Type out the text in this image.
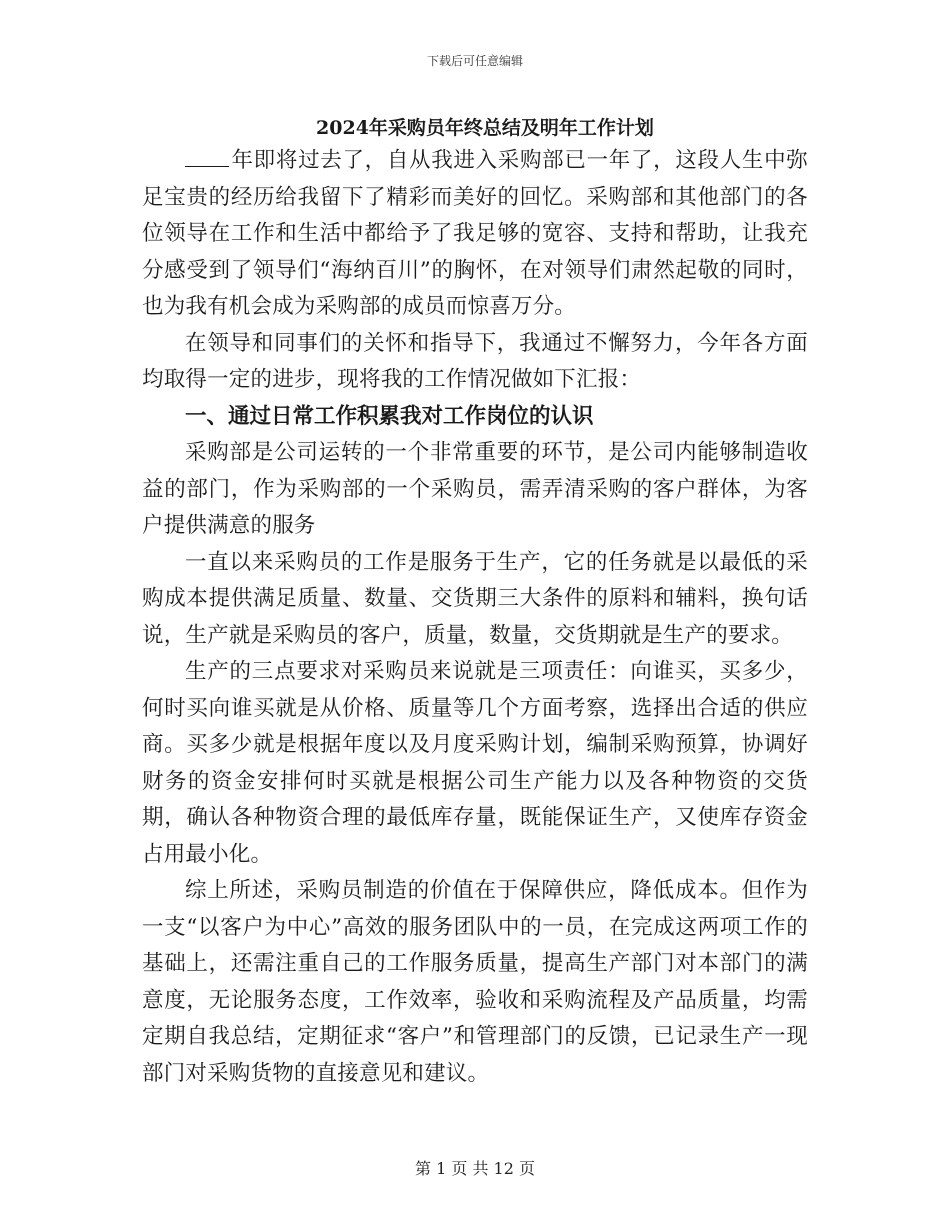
下载后可任意编辑
2024年采购员年终总结及明年工作计划

年即将过去了，自从我进入采购部已一年了，这段人生中弥足宝贵的经历给我留下了精彩而美好的回忆。采购部和其他部门的各位领导在工作和生活中都给予了我足够的宽容、支持和帮助，让我充分感受到了领导们“海纳百川”的胸怀，在对领导们肃然起敬的同时，也为我有机会成为采购部的成员而惊喜万分。

在领导和同事们的关怀和指导下，我通过不懈努力，今年各方面均取得一定的进步，现将我的工作情况做如下汇报：

一、通过日常工作积累我对工作岗位的认识

采购部是公司运转的一个非常重要的环节，是公司内能够制造收益的部门，作为采购部的一个采购员，需弄清采购的客户群体，为客户提供满意的服务

一直以来采购员的工作是服务于生产，它的任务就是以最低的采购成本提供满足质量、数量、交货期三大条件的原料和辅料，换句话说，生产就是采购员的客户，质量，数量，交货期就是生产的要求。

生产的三点要求对采购员来说就是三项责任：向谁买，买多少，何时买向谁买就是从价格、质量等几个方面考察，选择出合适的供应商。买多少就是根据年度以及月度采购计划，编制采购预算，协调好财务的资金安排何时买就是根据公司生产能力以及各种物资的交货期，确认各种物资合理的最低库存量，既能保证生产，又使库存资金占用最小化。

综上所述，采购员制造的价值在于保障供应，降低成本。但作为一支“以客户为中心”高效的服务团队中的一员，在完成这两项工作的基础上，还需注重自己的工作服务质量，提高生产部门对本部门的满意度，无论服务态度，工作效率，验收和采购流程及产品质量，均需定期自我总结，定期征求“客户”和管理部门的反馈，已记录生产一现部门对采购货物的直接意见和建议。

第 1 页 共 12 页
